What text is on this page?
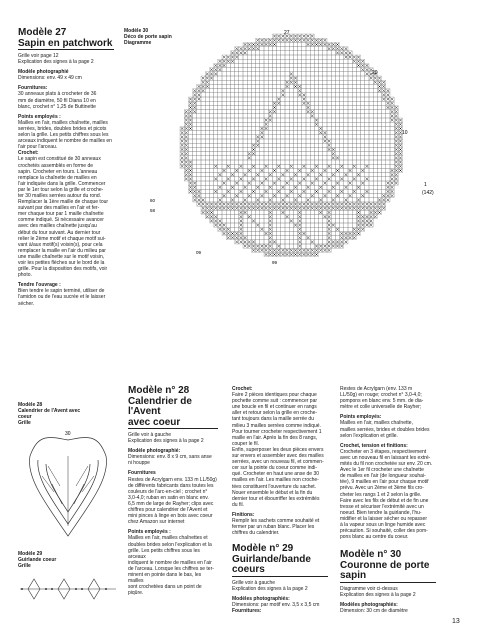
Modèle 27
Sapin en patchwork
Grille voir page 12
Explication des signes à la page 2
Modèle photographié
Dimensions: env. 49 x 49 cm
Fournitures:
30 anneaux plats à crocheter de 36
mm de diamètre, 50 fil Diana 10 en
blanc, crochet n° 1,25 de Buttinette
Points employés :
Mailles en l'air, mailles chaînette, mailles
serrées, brides, doubles brides et picots
selon la grille. Les petits chiffres sous les
arceaux indiquent le nombre de mailles en
l'air pour l'arceau.
Crochet:
Le sapin est constitué de 30 anneaux
crochetés assemblés en forme de
sapin. Crocheter en tours. L'anneau
remplace la chaînette de mailles en
l'air indiquée dans la grille. Commencer
par le 1er tour selon la grille et croche-
ter 30 mailles serrées autour du rond.
Remplacer la 1ère maille de chaque tour
suivant par des mailles en l'air et fer-
mer chaque tour par 1 maille chaînette
comme indiqué. Si nécessaire avancer
avec des mailles chaînette jusqu'au
début du tour suivant. Au dernier tour
relier le 2ème motif et chaque motif sui-
vant à/aux motif(s) voisin(s), pour cela
remplacer la maille en l'air du milieu par
une maille chaînette sur le motif voisin,
voir les petites flèches sur le bord de la
grille. Pour la disposition des motifs, voir
photo.
Tendre l'ouvrage :
Bien tendre le sapin terminé, utiliser de
l'amidon ou de l'eau sucrée et le laisser
sécher.
Modèle 30
Déco de porte sapin
Diagramme
27
20
10
1
(142)
60
58
09
99
Modèle 28
Calendrier de l'Avent avec
coeur
Grille
30
Modèle 29
Guirlande coeur
Grille
Modèle n° 28
Calendrier de l'Avent
avec coeur
Grille voir à gauche
Explication des signes à la page 2
Modèle photographié:
Dimensions: env. 8 x 9 cm, sans anse
ni houppe
Fournitures
Restes de Acrylgarn env. 133 m LL/50g)
de différents fabricants dans toutes les
couleurs de l'arc-en-ciel ; crochet n°
3,0-4,0; ruban en satin en blanc env.
6,5 mm de large de Rayher; clips avec
chiffres pour calendrier de l'Avent et
mini pinces à linge en bois avec coeur
chez Amazon sur internet
Points employés :
Mailles en l'air, mailles chaînettes et
doubles brides selon l'explication et la
grille. Les petits chiffres sous les arceaux
indiquent le nombre de mailles en l'air
de l'arceau. Lorsque les chiffres se ter-
minent en pointe dans le bas, les mailles
sont crochetées dans un point de piqûre.
Crochet:
Faire 2 pièces identiques pour chaque
pochette comme suit : commencer par
une boucle en fil et continuer en rangs
aller et retour selon la grille en croche-
tant toujours dans la maille serrée du
milieu 3 mailles serrées comme indiqué.
Pour tourner crocheter respectivement 1
maille en l'air. Après la fin des 8 rangs,
couper le fil.
Enfin, superposer les deux pièces envers
sur envers et assembler avec des mailles
serrées, avec un nouveau fil, et commen-
cer sur la pointe du coeur comme indi-
qué. Crocheter en haut une anse de 30
mailles en l'air. Les mailles non croche-
tées constituent l'ouverture du sachet.
Nouer ensemble le début et la fin du
dernier tour et ébourriffer les extrémités
du fil.
Finitions:
Remplir les sachets comme souhaité et
fermer par un ruban blanc. Placer les
chiffres du calendrier.
Modèle n° 29
Guirlande/bande
coeurs
Grille voir à gauche
Explication des signes à la page 2
Modèles photographiés:
Dimensions: par motif env. 3,5 x 3,5 cm
Fournitures:
Restes de Acrylgarn (env. 133 m
LL/50g) en rouge; crochet n° 3,0-4,0;
pompons en blanc env. 5 mm. de dia-
mètre et colle universelle de Rayher;
Points employés:
Mailles en l'air, mailles chaînette,
mailles serrées, brides et doubles brides
selon l'explication et grille.
Crochet, tension et finitions:
Crocheter en 3 étapes, respectivement
avec un nouveau fil en laissant les extré-
mités du fil non crochetée sur env. 20 cm.
Avec le 1er fil crocheter une chaînette
de mailles en l'air (de longueur souhai-
tée), 9 mailles en l'air pour chaque motif
prévu. Avec un 2ème et 3ème fils cro-
cheter les rangs 1 et 2 selon la grille.
Faire avec les fils de début et de fin une
tresse et sécuriser l'extrémité avec un
noeud. Bien tendre la guirlande, l'hu-
midifier et la laisser sécher ou repasser
à la vapeur sous un linge humide avec
précaution. Si souhaité, coller des pom-
pons blanc au centre du coeur.
Modèle n° 30
Couronne de porte
sapin
Diagramme voir ci-dessus
Explication des signes à la page 2
Modèles photographiés:
Dimension: 30 cm de diamètre
13
